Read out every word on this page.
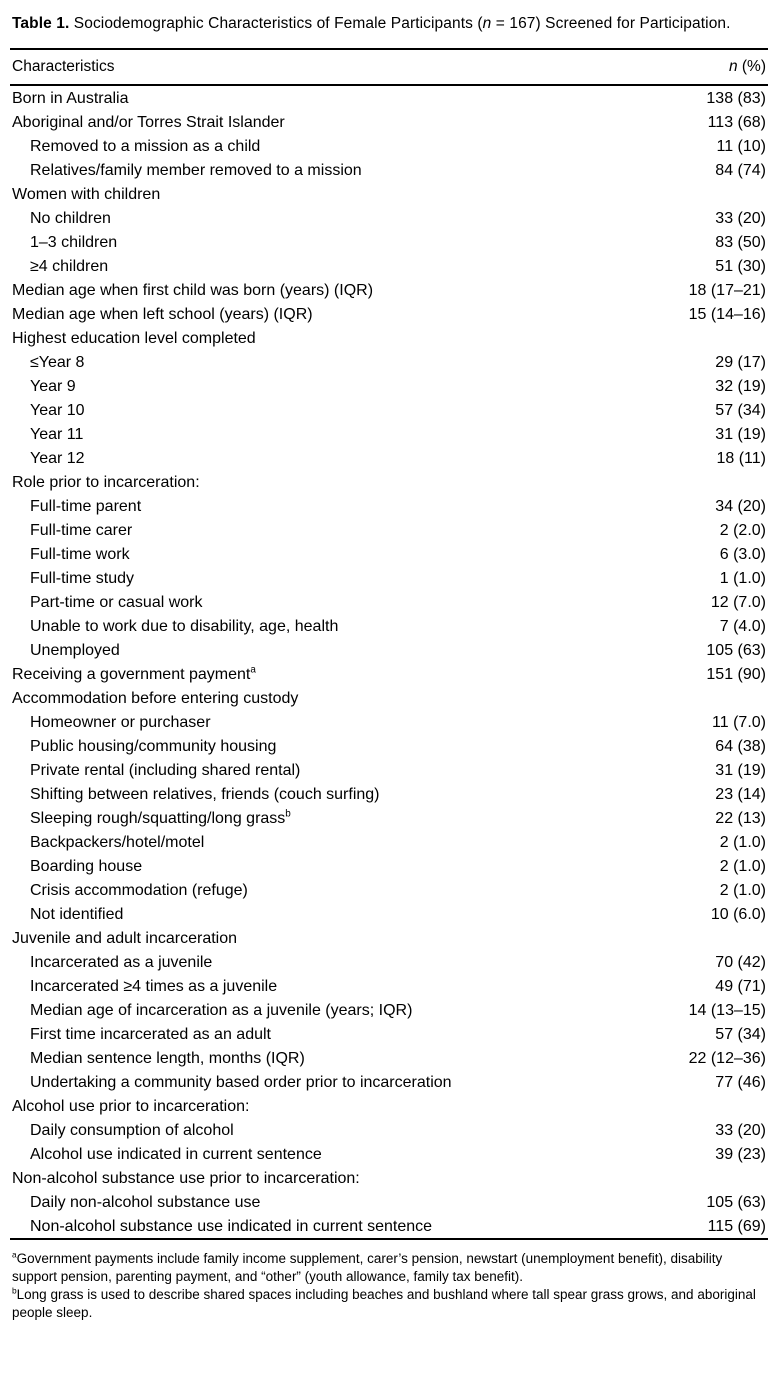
Table 1. Sociodemographic Characteristics of Female Participants (n = 167) Screened for Participation.
Characteristics	n (%)
Born in Australia	138 (83)
Aboriginal and/or Torres Strait Islander	113 (68)
Removed to a mission as a child	11 (10)
Relatives/family member removed to a mission	84 (74)
Women with children	
No children	33 (20)
1–3 children	83 (50)
≥4 children	51 (30)
Median age when first child was born (years) (IQR)	18 (17–21)
Median age when left school (years) (IQR)	15 (14–16)
Highest education level completed	
≤Year 8	29 (17)
Year 9	32 (19)
Year 10	57 (34)
Year 11	31 (19)
Year 12	18 (11)
Role prior to incarceration:	
Full-time parent	34 (20)
Full-time carer	2 (2.0)
Full-time work	6 (3.0)
Full-time study	1 (1.0)
Part-time or casual work	12 (7.0)
Unable to work due to disability, age, health	7 (4.0)
Unemployed	105 (63)
Receiving a government payment$^a$	151 (90)
Accommodation before entering custody	
Homeowner or purchaser	11 (7.0)
Public housing/community housing	64 (38)
Private rental (including shared rental)	31 (19)
Shifting between relatives, friends (couch surfing)	23 (14)
Sleeping rough/squatting/long grass$^b$	22 (13)
Backpackers/hotel/motel	2 (1.0)
Boarding house	2 (1.0)
Crisis accommodation (refuge)	2 (1.0)
Not identified	10 (6.0)
Juvenile and adult incarceration	
Incarcerated as a juvenile	70 (42)
Incarcerated ≥4 times as a juvenile	49 (71)
Median age of incarceration as a juvenile (years; IQR)	14 (13–15)
First time incarcerated as an adult	57 (34)
Median sentence length, months (IQR)	22 (12–36)
Undertaking a community based order prior to incarceration	77 (46)
Alcohol use prior to incarceration:	
Daily consumption of alcohol	33 (20)
Alcohol use indicated in current sentence	39 (23)
Non-alcohol substance use prior to incarceration:	
Daily non-alcohol substance use	105 (63)
Non-alcohol substance use indicated in current sentence	115 (69)
$^a$Government payments include family income supplement, carer’s pension, newstart (unemployment benefit), disability support pension, parenting payment, and “other” (youth allowance, family tax benefit).
$^b$Long grass is used to describe shared spaces including beaches and bushland where tall spear grass grows, and aboriginal people sleep.
